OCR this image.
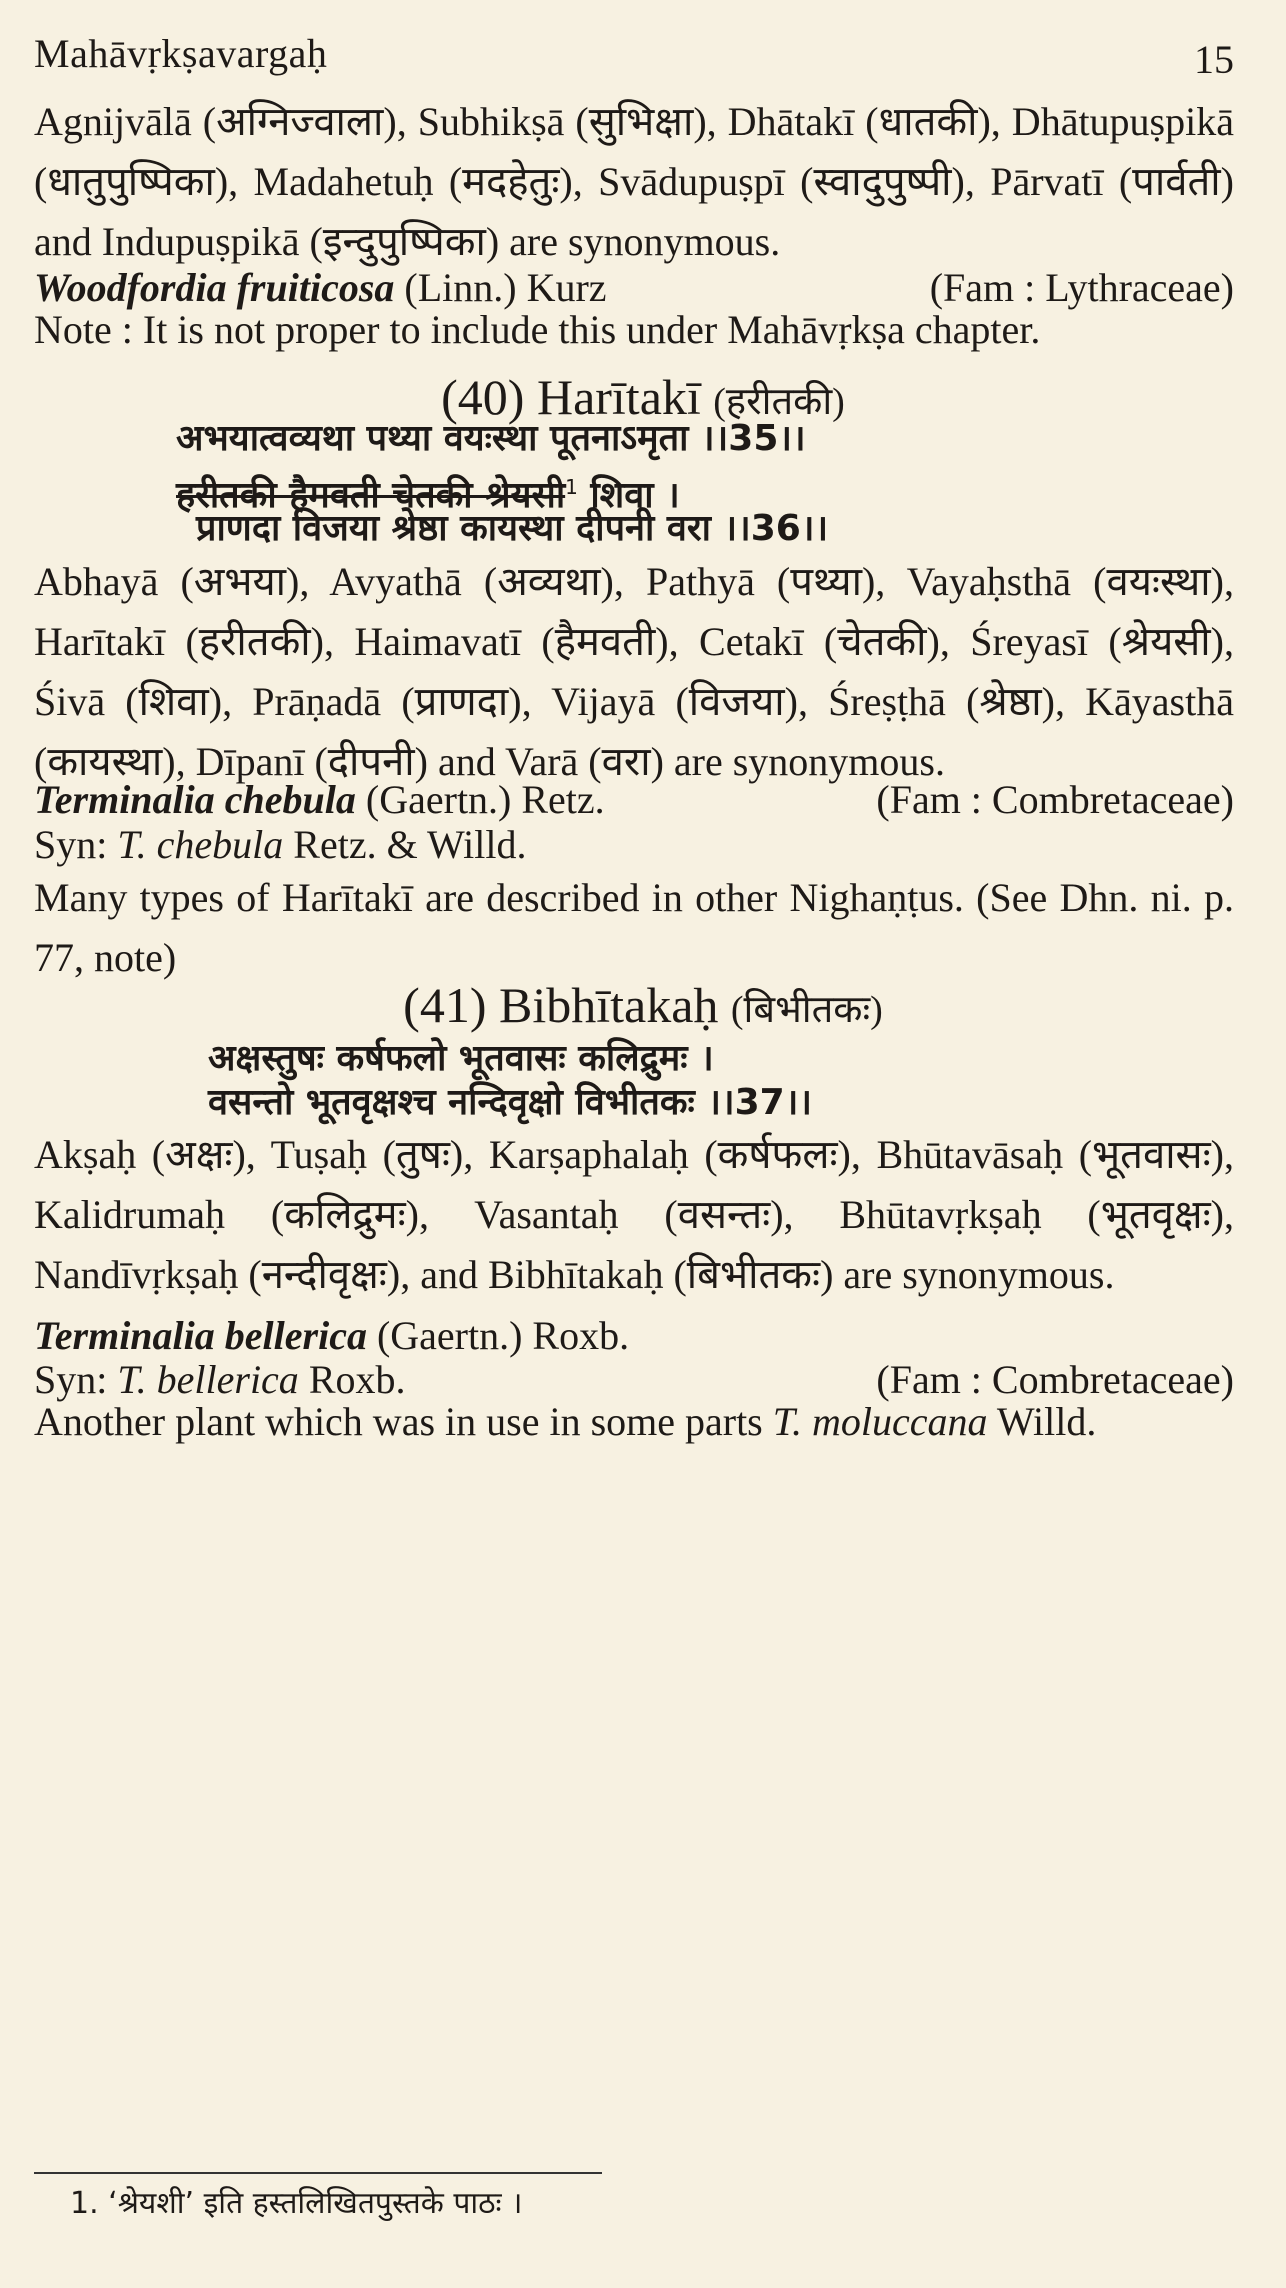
Mahāvṛkṣavargaḥ	15
Agnijvālā (अग्निज्वाला), Subhikṣā (सुभिक्षा), Dhātakī (धातकी), Dhātupuṣpikā (धातुपुष्पिका), Madahetuḥ (मदहेतुः), Svādupuṣpī (स्वादुपुष्पी), Pārvatī (पार्वती) and Indupuṣpikā (इन्दुपुष्पिका) are synonymous.
Woodfordia fruiticosa (Linn.) Kurz	(Fam : Lythraceae)
Note : It is not proper to include this under Mahāvṛkṣa chapter.
(40) Harītakī (हरीतकी)
अभयात्वव्यथा पथ्या वयःस्था पूतनाऽमृता ।।35।।
हरीतकी हैमवती चेतकी श्रेयसी$^1$ शिवा ।
प्राणदा विजया श्रेष्ठा कायस्था दीपनी वरा ।।36।।
Abhayā (अभया), Avyathā (अव्यथा), Pathyā (पथ्या), Vayaḥsthā (वयःस्था), Harītakī (हरीतकी), Haimavatī (हैमवती), Cetakī (चेतकी), Śreyasī (श्रेयसी), Śivā (शिवा), Prāṇadā (प्राणदा), Vijayā (विजया), Śreṣṭhā (श्रेष्ठा), Kāyasthā (कायस्था), Dīpanī (दीपनी) and Varā (वरा) are synonymous.
Terminalia chebula (Gaertn.) Retz.	(Fam : Combretaceae)
Syn: T. chebula Retz. & Willd.
Many types of Harītakī are described in other Nighaṇṭus. (See Dhn. ni. p. 77, note)
(41) Bibhītakaḥ (बिभीतकः)
अक्षस्तुषः कर्षफलो भूतवासः कलिद्रुमः ।
वसन्तो भूतवृक्षश्च नन्दिवृक्षो विभीतकः ।।37।।
Akṣaḥ (अक्षः), Tuṣaḥ (तुषः), Karṣaphalaḥ (कर्षफलः), Bhūtavāsaḥ (भूतवासः), Kalidrumaḥ (कलिद्रुमः), Vasantaḥ (वसन्तः), Bhūtavṛkṣaḥ (भूतवृक्षः), Nandīvṛkṣaḥ (नन्दीवृक्षः), and Bibhītakaḥ (बिभीतकः) are synonymous.
Terminalia bellerica (Gaertn.) Roxb.
Syn: T. bellerica Roxb.	(Fam : Combretaceae)
Another plant which was in use in some parts T. moluccana Willd.
1. ‘श्रेयशी’ इति हस्तलिखितपुस्तके पाठः ।
